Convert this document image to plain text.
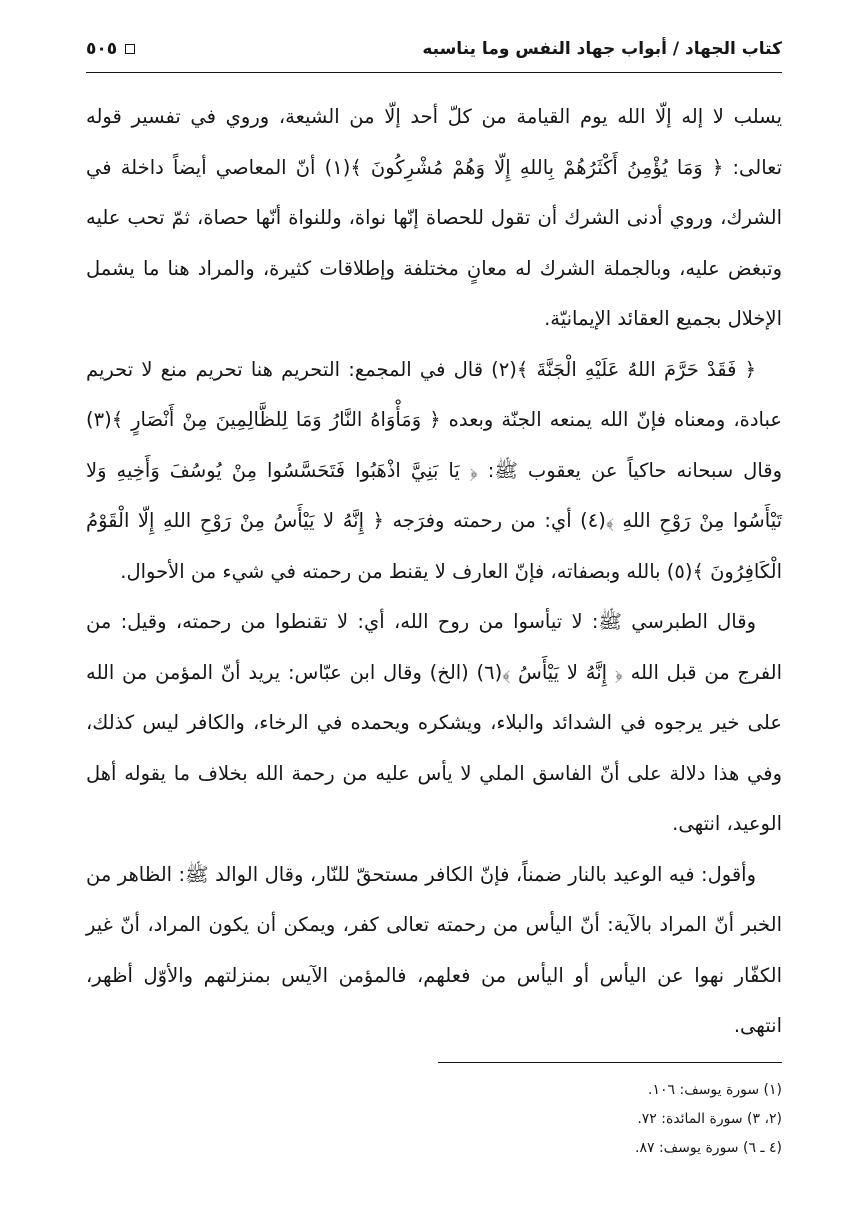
كتاب الجهاد / أبواب جهاد النفس وما يناسبه
٥٠٥

يسلب لا إله إلّا الله يوم القيامة من كلّ أحد إلّا من الشيعة، وروي في تفسير قوله تعالى: ﴿ وَمَا يُؤْمِنُ أَكْثَرُهُمْ بِاللهِ إِلّا وَهُمْ مُشْرِكُونَ ﴾(١) أنّ المعاصي أيضاً داخلة في الشرك، وروي أدنى الشرك أن تقول للحصاة إنّها نواة، وللنواة أنّها حصاة، ثمّ تحب عليه وتبغض عليه، وبالجملة الشرك له معانٍ مختلفة وإطلاقات كثيرة، والمراد هنا ما يشمل الإخلال بجميع العقائد الإيمانيّة.

﴿ فَقَدْ حَرَّمَ اللهُ عَلَيْهِ الْجَنَّةَ ﴾(٢) قال في المجمع: التحريم هنا تحريم منع لا تحريم عبادة، ومعناه فإنّ الله يمنعه الجنّة وبعده ﴿ وَمَأْوَاهُ النَّارُ وَمَا لِلظَّالِمِينَ مِنْ أَنْصَارٍ ﴾(٣) وقال سبحانه حاكياً عن يعقوب ﷺ: ﴿ يَا بَنِيَّ اذْهَبُوا فَتَحَسَّسُوا مِنْ يُوسُفَ وَأَخِيهِ وَلا تَيْأَسُوا مِنْ رَوْحِ اللهِ ﴾(٤) أي: من رحمته وفرَجه ﴿ إِنَّهُ لا يَيْأَسُ مِنْ رَوْحِ اللهِ إِلّا الْقَوْمُ الْكَافِرُونَ ﴾(٥) بالله وبصفاته، فإنّ العارف لا يقنط من رحمته في شيء من الأحوال.

وقال الطبرسي ﷺ: لا تيأسوا من روح الله، أي: لا تقنطوا من رحمته، وقيل: من الفرج من قبل الله ﴿ إِنَّهُ لا يَيْأَسُ ﴾(٦) (الخ) وقال ابن عبّاس: يريد أنّ المؤمن من الله على خير يرجوه في الشدائد والبلاء، ويشكره ويحمده في الرخاء، والكافر ليس كذلك، وفي هذا دلالة على أنّ الفاسق الملي لا يأس عليه من رحمة الله بخلاف ما يقوله أهل الوعيد، انتهى.

وأقول: فيه الوعيد بالنار ضمناً، فإنّ الكافر مستحقّ للنّار، وقال الوالد ﷺ: الظاهر من الخبر أنّ المراد بالآية: أنّ اليأس من رحمته تعالى كفر، ويمكن أن يكون المراد، أنّ غير الكفّار نهوا عن اليأس أو اليأس من فعلهم، فالمؤمن الآيس بمنزلتهم والأوّل أظهر، انتهى.

(١) سورة يوسف: ١٠٦.
(٢، ٣) سورة المائدة: ٧٢.
(٤ ـ ٦) سورة يوسف: ٨٧.
